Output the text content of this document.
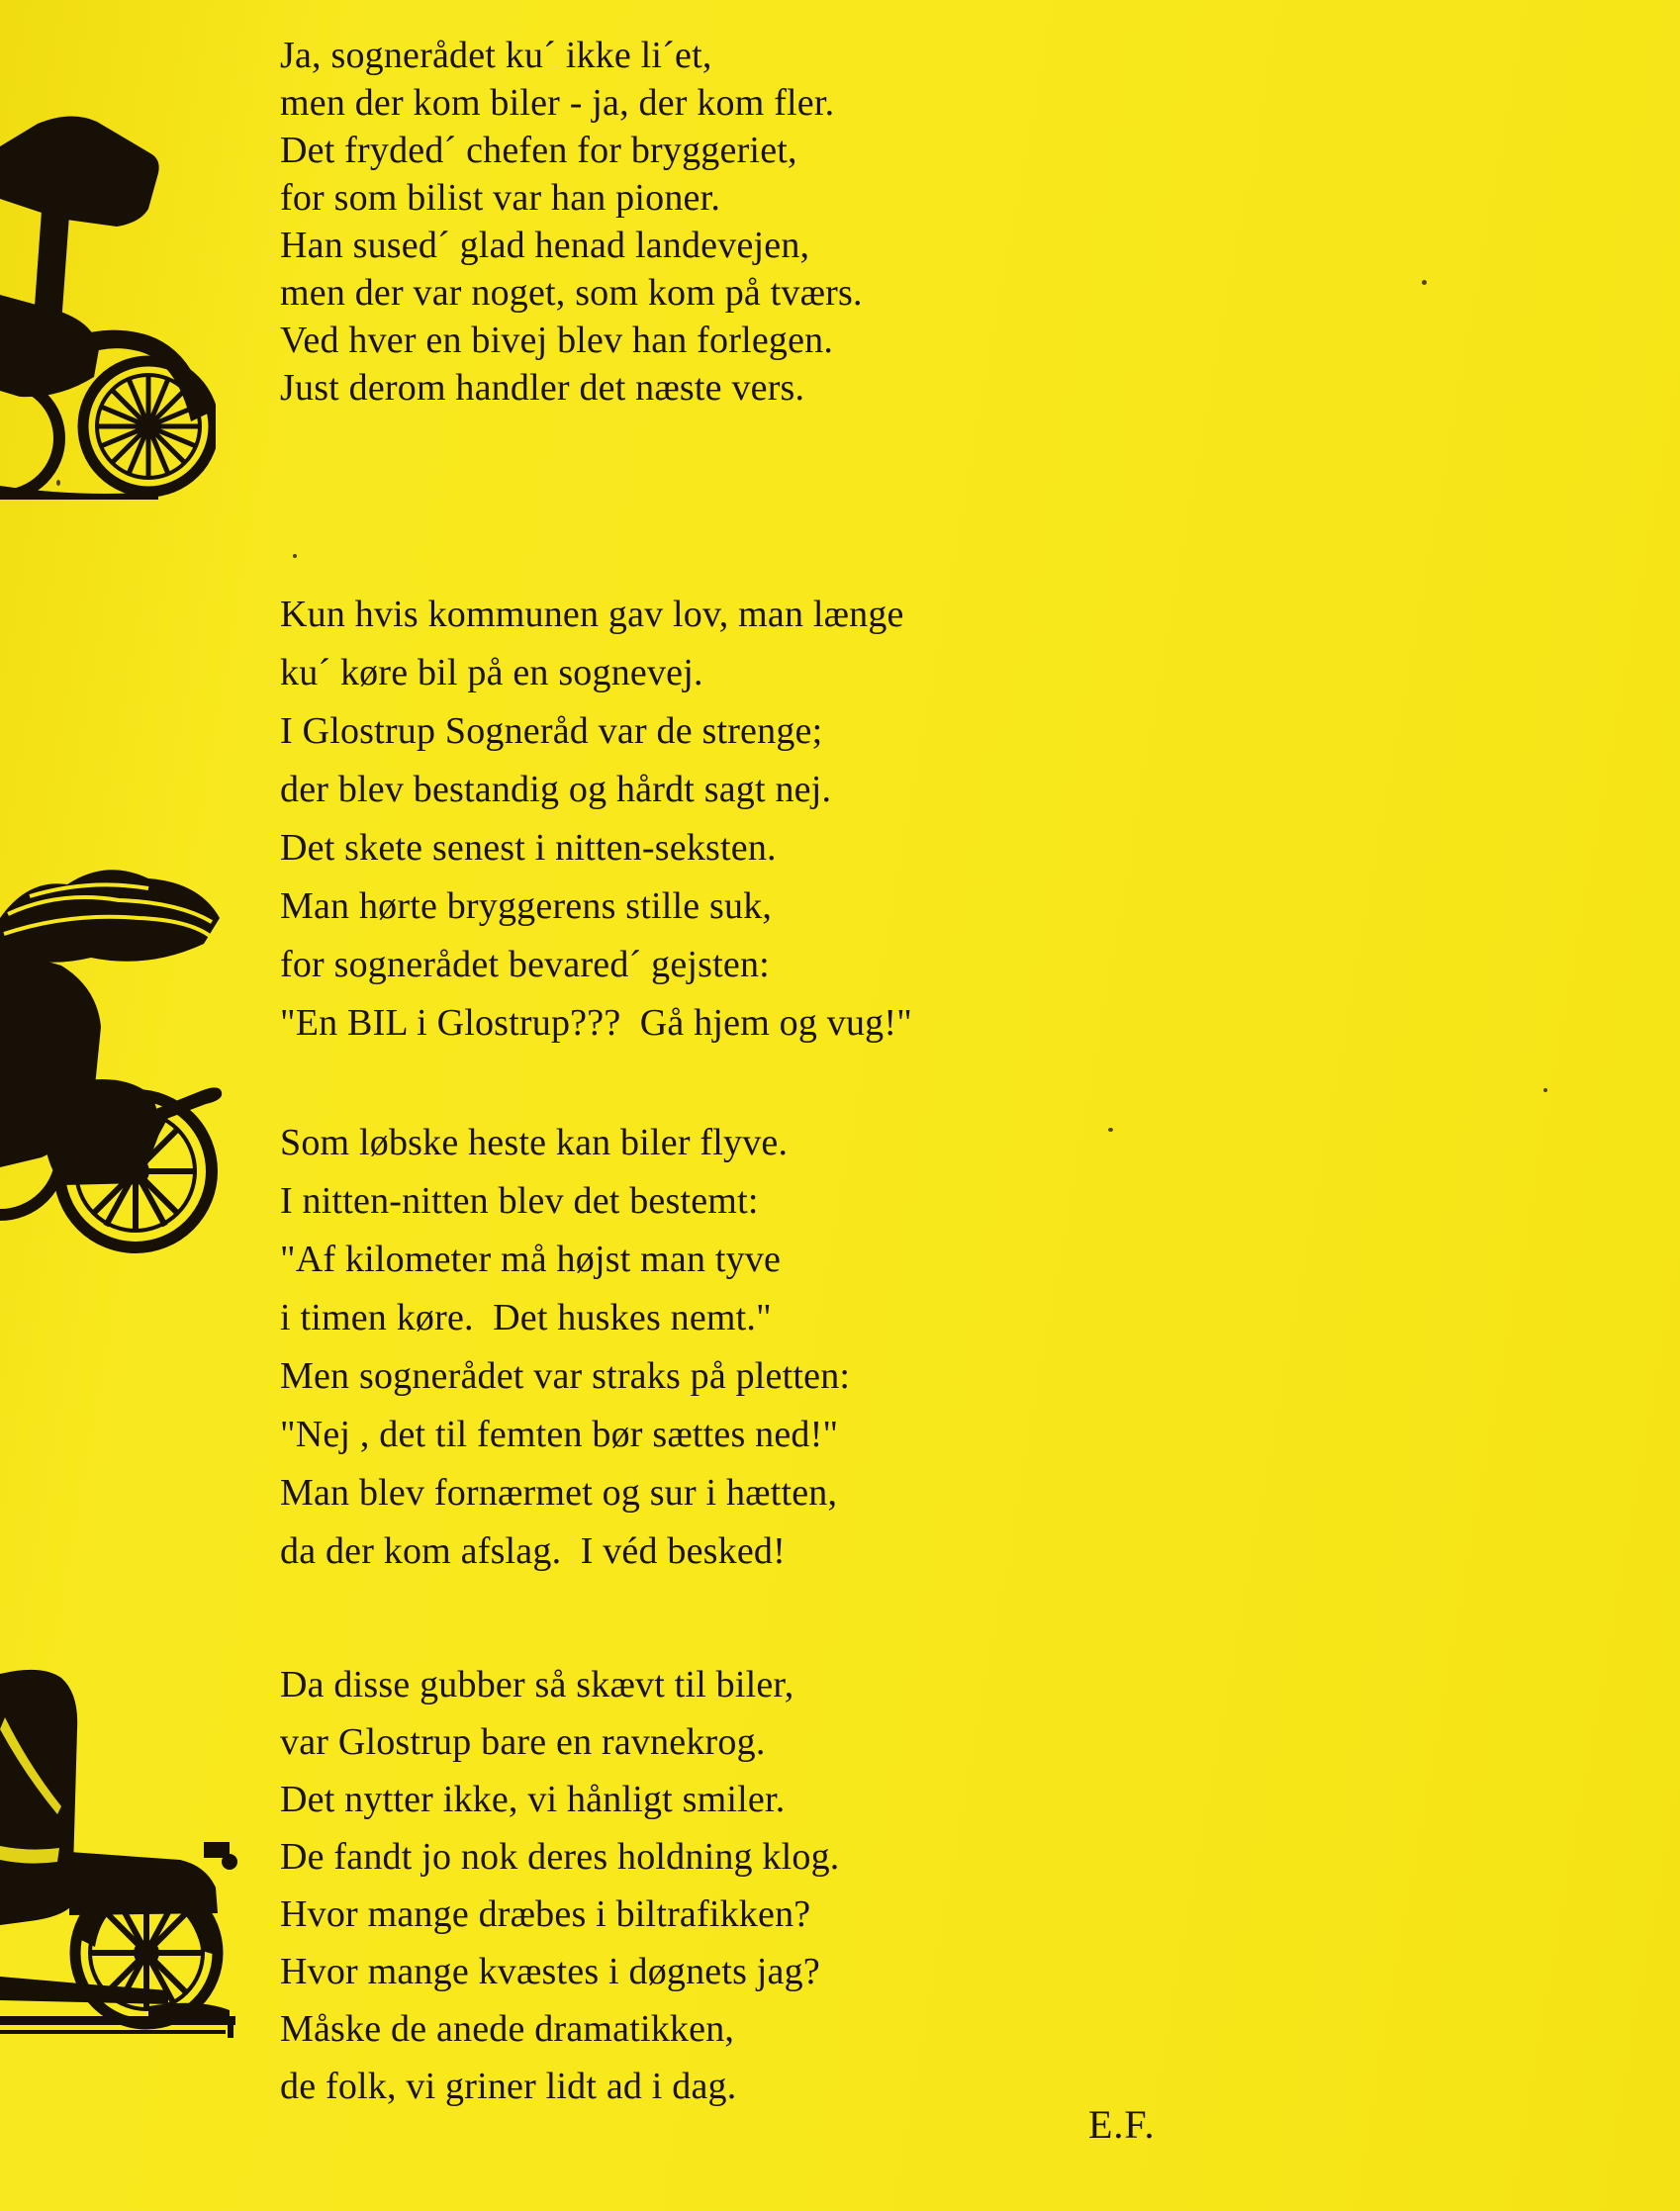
Ja, sognerådet ku´ ikke li´et,
men der kom biler - ja, der kom fler.
Det fryded´ chefen for bryggeriet,
for som bilist var han pioner.
Han sused´ glad henad landevejen,
men der var noget, som kom på tværs.
Ved hver en bivej blev han forlegen.
Just derom handler det næste vers.
Kun hvis kommunen gav lov, man længe
ku´ køre bil på en sognevej.
I Glostrup Sogneråd var de strenge;
der blev bestandig og hårdt sagt nej.
Det skete senest i nitten-seksten.
Man hørte bryggerens stille suk,
for sognerådet bevared´ gejsten:
"En BIL i Glostrup???  Gå hjem og vug!"
Som løbske heste kan biler flyve.
I nitten-nitten blev det bestemt:
"Af kilometer må højst man tyve
i timen køre.  Det huskes nemt."
Men sognerådet var straks på pletten:
"Nej , det til femten bør sættes ned!"
Man blev fornærmet og sur i hætten,
da der kom afslag.  I véd besked!
Da disse gubber så skævt til biler,
var Glostrup bare en ravnekrog.
Det nytter ikke, vi hånligt smiler.
De fandt jo nok deres holdning klog.
Hvor mange dræbes i biltrafikken?
Hvor mange kvæstes i døgnets jag?
Måske de anede dramatikken,
de folk, vi griner lidt ad i dag.
E.F.
